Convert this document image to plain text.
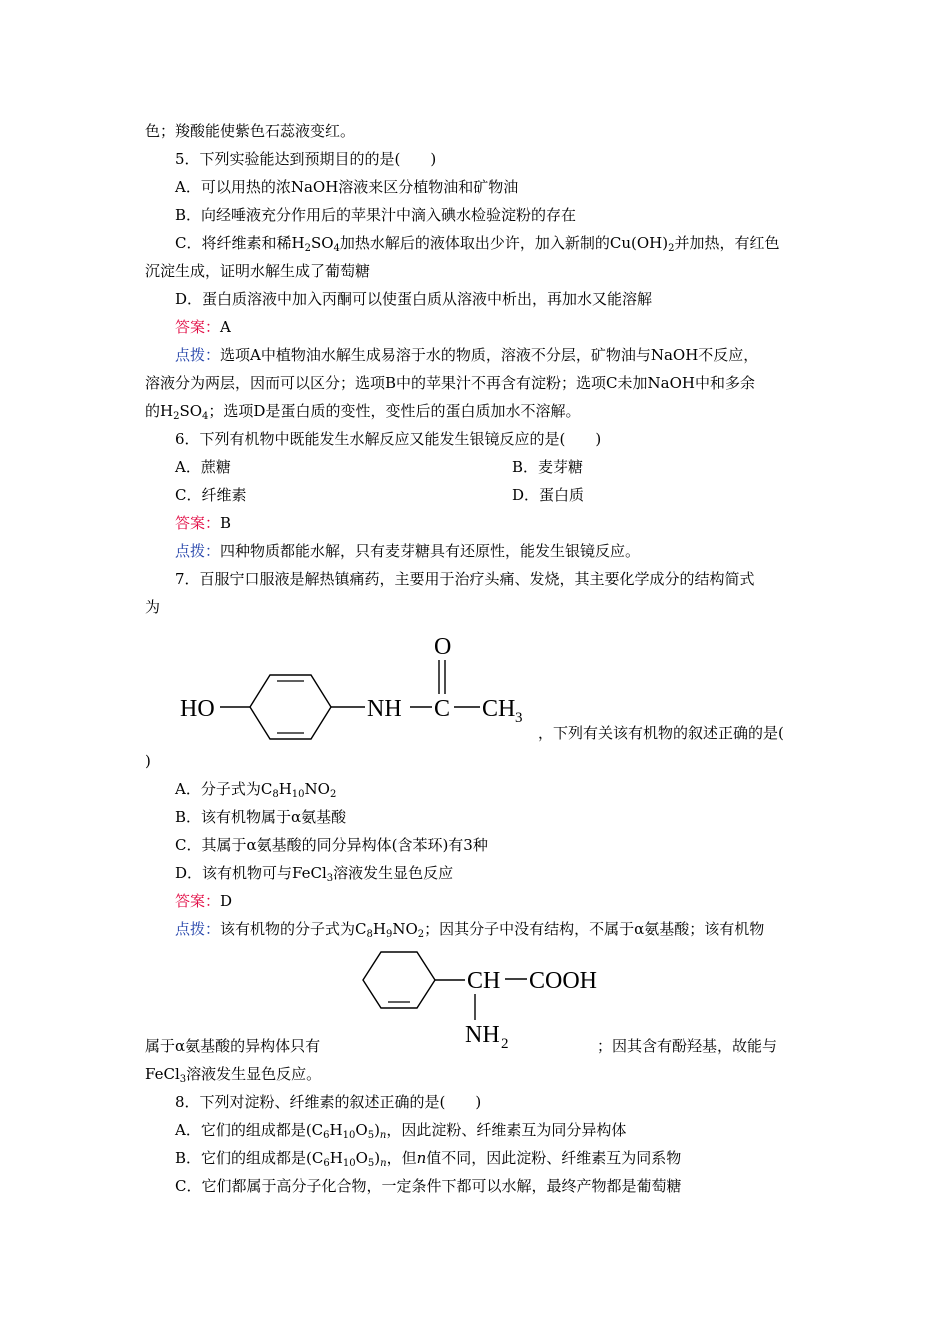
色；羧酸能使紫色石蕊液变红。
5．下列实验能达到预期目的的是(　　)
A．可以用热的浓NaOH溶液来区分植物油和矿物油
B．向经唾液充分作用后的苹果汁中滴入碘水检验淀粉的存在
C．将纤维素和稀$H_2SO_4$加热水解后的液体取出少许，加入新制的$Cu(OH)_2$并加热，有红色
沉淀生成，证明水解生成了葡萄糖
D．蛋白质溶液中加入丙酮可以使蛋白质从溶液中析出，再加水又能溶解
答案：A
点拨：选项A中植物油水解生成易溶于水的物质，溶液不分层，矿物油与NaOH不反应，
溶液分为两层，因而可以区分；选项B中的苹果汁不再含有淀粉；选项C未加NaOH中和多余
的$H_2SO_4$；选项D是蛋白质的变性，变性后的蛋白质加水不溶解。
6．下列有机物中既能发生水解反应又能发生银镜反应的是(　　)
A．蔗糖	B．麦芽糖
C．纤维素	D．蛋白质
答案：B
点拨：四种物质都能水解，只有麦芽糖具有还原性，能发生银镜反应。
7．百服宁口服液是解热镇痛药，主要用于治疗头痛、发烧，其主要化学成分的结构简式
为
HO	NH C
O
CH 3
，下列有关该有机物的叙述正确的是(
)
A．分子式为$C_8H_{10}NO_2$
B．该有机物属于α氨基酸
C．其属于α氨基酸的同分异构体(含苯环)有3种
D．该有机物可与FeCl$_3$溶液发生显色反应
答案：D
点拨：该有机物的分子式为$C_8H_9NO_2$；因其分子中没有结构，不属于α氨基酸；该有机物
CH COOH
NH 2
属于α氨基酸的异构体只有	；因其含有酚羟基，故能与
FeCl$_3$溶液发生显色反应。
8．下列对淀粉、纤维素的叙述正确的是(　　)
A．它们的组成都是$(C_6H_{10}O_5)_n$，因此淀粉、纤维素互为同分异构体
B．它们的组成都是$(C_6H_{10}O_5)_n$，但n值不同，因此淀粉、纤维素互为同系物
C．它们都属于高分子化合物，一定条件下都可以水解，最终产物都是葡萄糖
